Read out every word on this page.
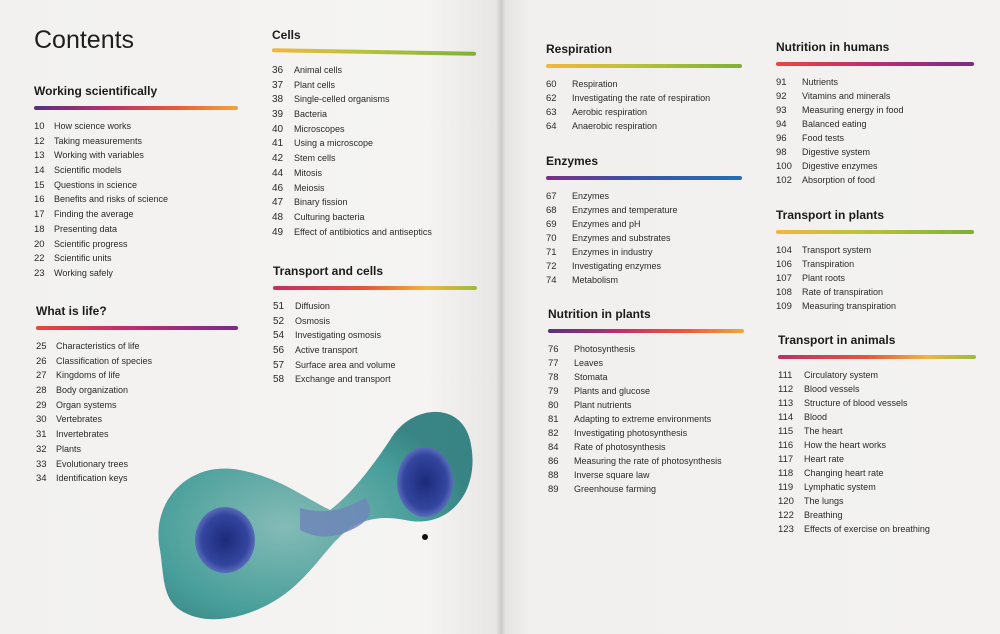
Contents
Working scientifically
10	How science works
12	Taking measurements
13	Working with variables
14	Scientific models
15	Questions in science
16	Benefits and risks of science
17	Finding the average
18	Presenting data
20	Scientific progress
22	Scientific units
23	Working safely
What is life?
25	Characteristics of life
26	Classification of species
27	Kingdoms of life
28	Body organization
29	Organ systems
30	Vertebrates
31	Invertebrates
32	Plants
33	Evolutionary trees
34	Identification keys
Cells
36	Animal cells
37	Plant cells
38	Single-celled organisms
39	Bacteria
40	Microscopes
41	Using a microscope
42	Stem cells
44	Mitosis
46	Meiosis
47	Binary fission
48	Culturing bacteria
49	Effect of antibiotics and antiseptics
Transport and cells
51	Diffusion
52	Osmosis
54	Investigating osmosis
56	Active transport
57	Surface area and volume
58	Exchange and transport
Respiration
60	Respiration
62	Investigating the rate of respiration
63	Aerobic respiration
64	Anaerobic respiration
Enzymes
67	Enzymes
68	Enzymes and temperature
69	Enzymes and pH
70	Enzymes and substrates
71	Enzymes in industry
72	Investigating enzymes
74	Metabolism
Nutrition in plants
76	Photosynthesis
77	Leaves
78	Stomata
79	Plants and glucose
80	Plant nutrients
81	Adapting to extreme environments
82	Investigating photosynthesis
84	Rate of photosynthesis
86	Measuring the rate of photosynthesis
88	Inverse square law
89	Greenhouse farming
Nutrition in humans
91	Nutrients
92	Vitamins and minerals
93	Measuring energy in food
94	Balanced eating
96	Food tests
98	Digestive system
100	Digestive enzymes
102	Absorption of food
Transport in plants
104	Transport system
106	Transpiration
107	Plant roots
108	Rate of transpiration
109	Measuring transpiration
Transport in animals
111	Circulatory system
112	Blood vessels
113	Structure of blood vessels
114	Blood
115	The heart
116	How the heart works
117	Heart rate
118	Changing heart rate
119	Lymphatic system
120	The lungs
122	Breathing
123	Effects of exercise on breathing
